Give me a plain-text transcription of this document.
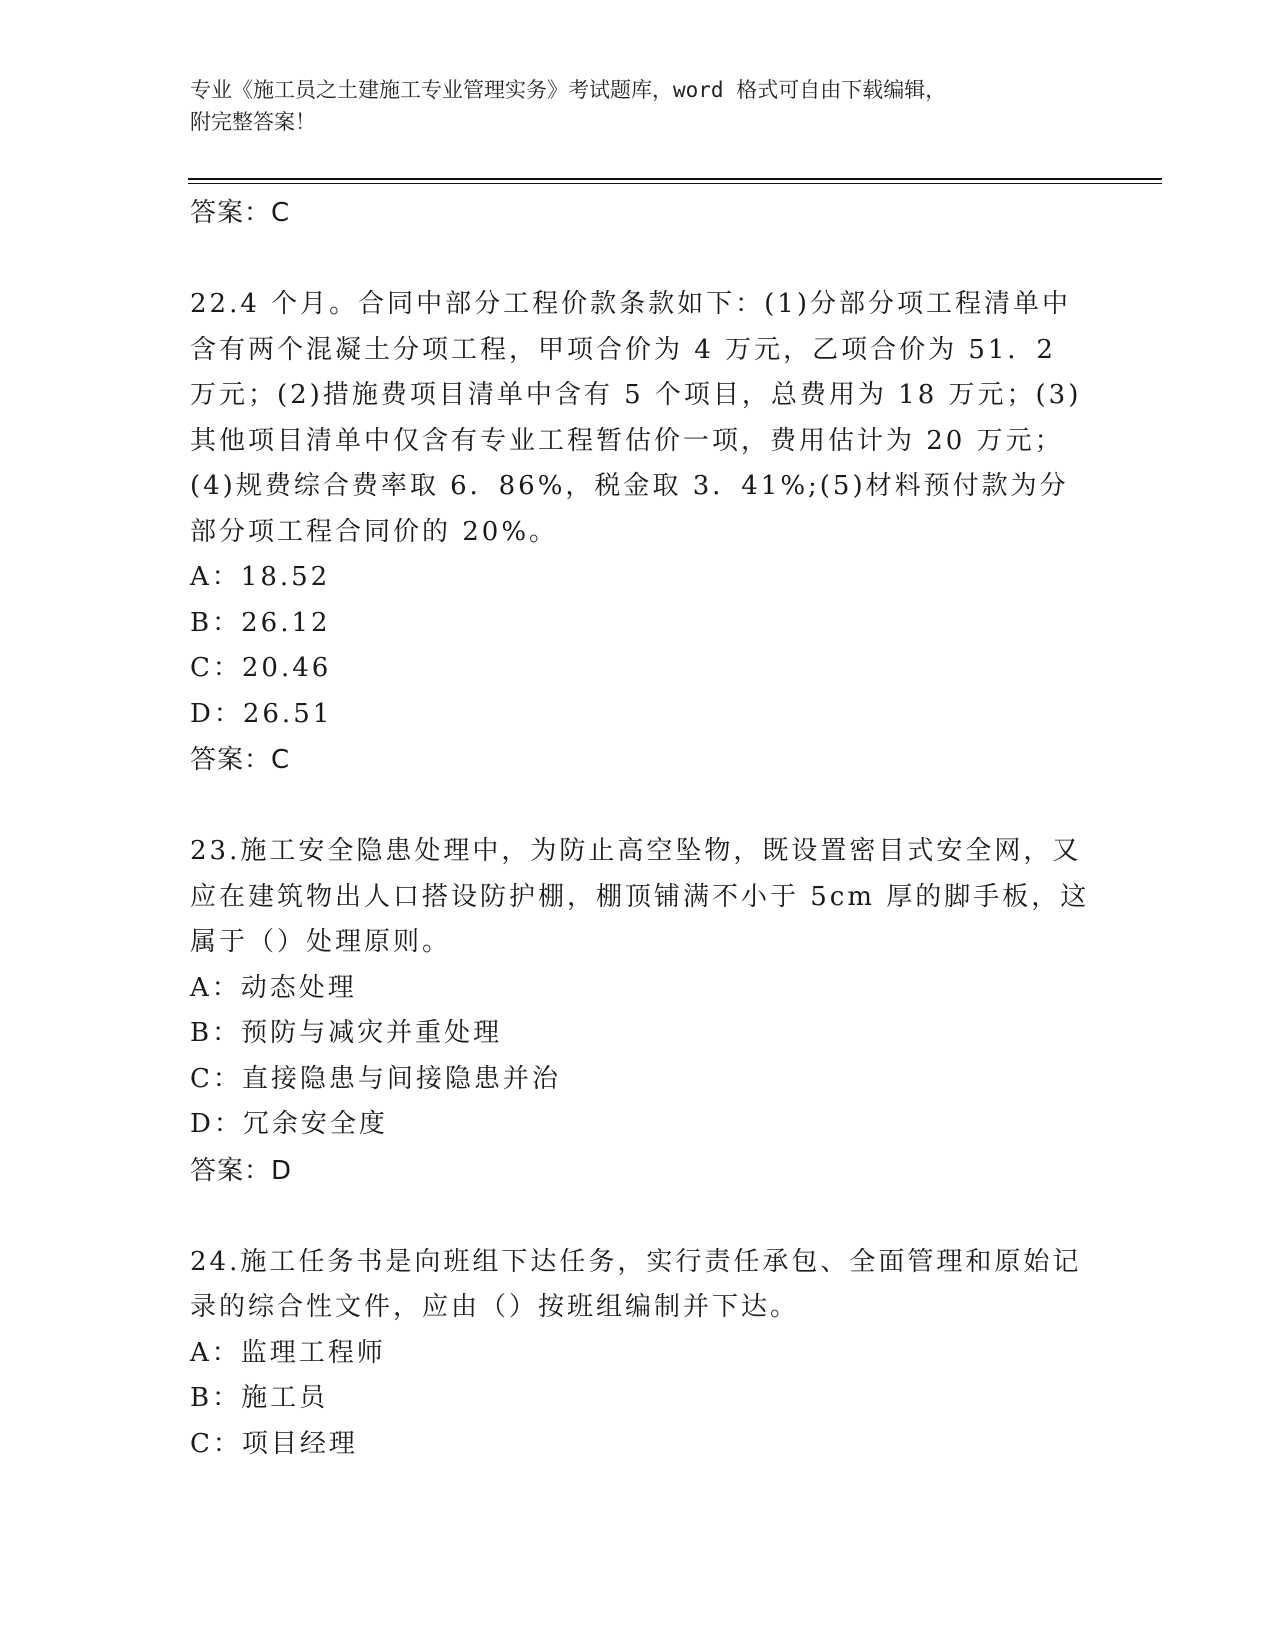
专业《施工员之土建施工专业管理实务》考试题库，word 格式可自由下载编辑，
附完整答案！
答案：C
22.4 个月。合同中部分工程价款条款如下：(1)分部分项工程清单中含有两个混凝土分项工程，甲项合价为 4 万元，乙项合价为 51．2 万元；(2)措施费项目清单中含有 5 个项目，总费用为 18 万元；(3)其他项目清单中仅含有专业工程暂估价一项，费用估计为 20 万元；(4)规费综合费率取 6．86%，税金取 3．41%;(5)材料预付款为分部分项工程合同价的 20%。
A：18.52
B：26.12
C：20.46
D：26.51
答案：C
23.施工安全隐患处理中，为防止高空坠物，既设置密目式安全网，又应在建筑物出人口搭设防护棚，棚顶铺满不小于 5cm 厚的脚手板，这属于（）处理原则。
A：动态处理
B：预防与减灾并重处理
C：直接隐患与间接隐患并治
D：冗余安全度
答案：D
24.施工任务书是向班组下达任务，实行责任承包、全面管理和原始记录的综合性文件，应由（）按班组编制并下达。
A：监理工程师
B：施工员
C：项目经理
